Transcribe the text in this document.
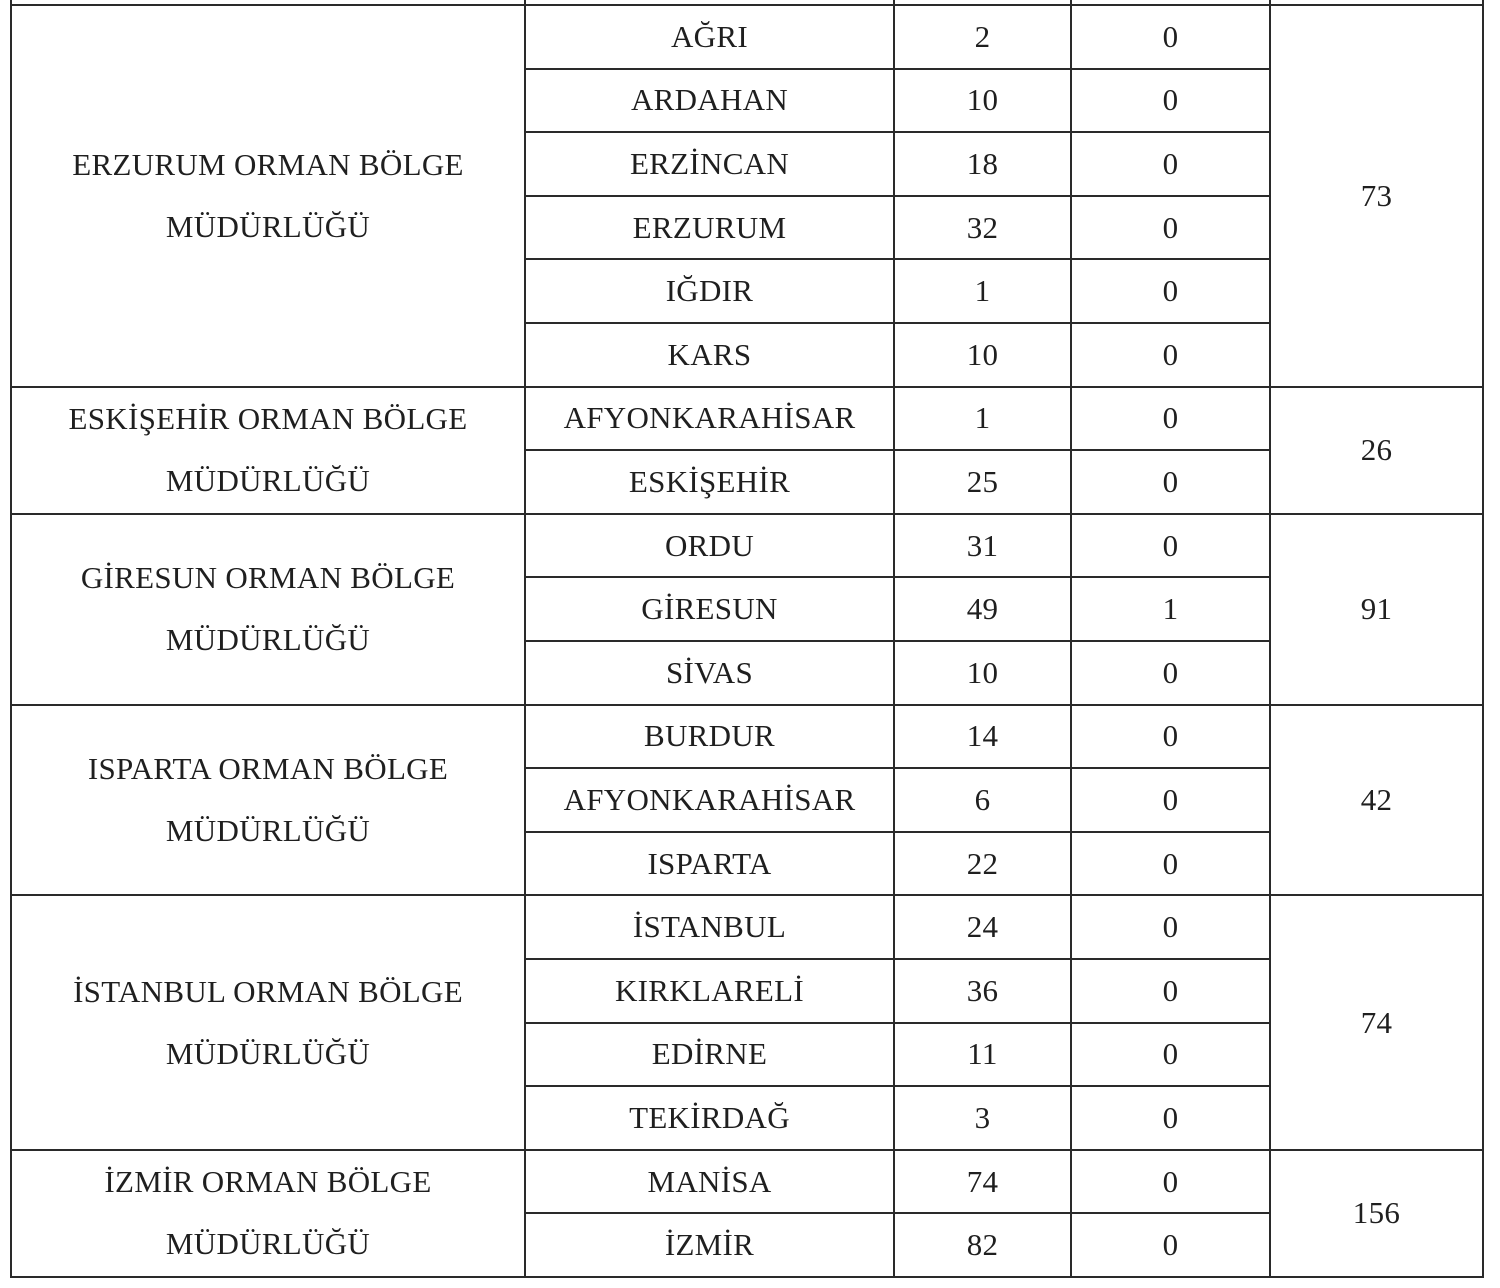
ERZURUM ORMAN BÖLGE MÜDÜRLÜĞÜ	AĞRI	2	0	73
	ARDAHAN	10	0	
	ERZİNCAN	18	0	
	ERZURUM	32	0	
	IĞDIR	1	0	
	KARS	10	0	
ESKİŞEHİR ORMAN BÖLGE MÜDÜRLÜĞÜ	AFYONKARAHİSAR	1	0	26
	ESKİŞEHİR	25	0	
GİRESUN ORMAN BÖLGE MÜDÜRLÜĞÜ	ORDU	31	0	91
	GİRESUN	49	1	
	SİVAS	10	0	
ISPARTA ORMAN BÖLGE MÜDÜRLÜĞÜ	BURDUR	14	0	42
	AFYONKARAHİSAR	6	0	
	ISPARTA	22	0	
İSTANBUL ORMAN BÖLGE MÜDÜRLÜĞÜ	İSTANBUL	24	0	74
	KIRKLARELİ	36	0	
	EDİRNE	11	0	
	TEKİRDAĞ	3	0	
İZMİR ORMAN BÖLGE MÜDÜRLÜĞÜ	MANİSA	74	0	156
	İZMİR	82	0	
